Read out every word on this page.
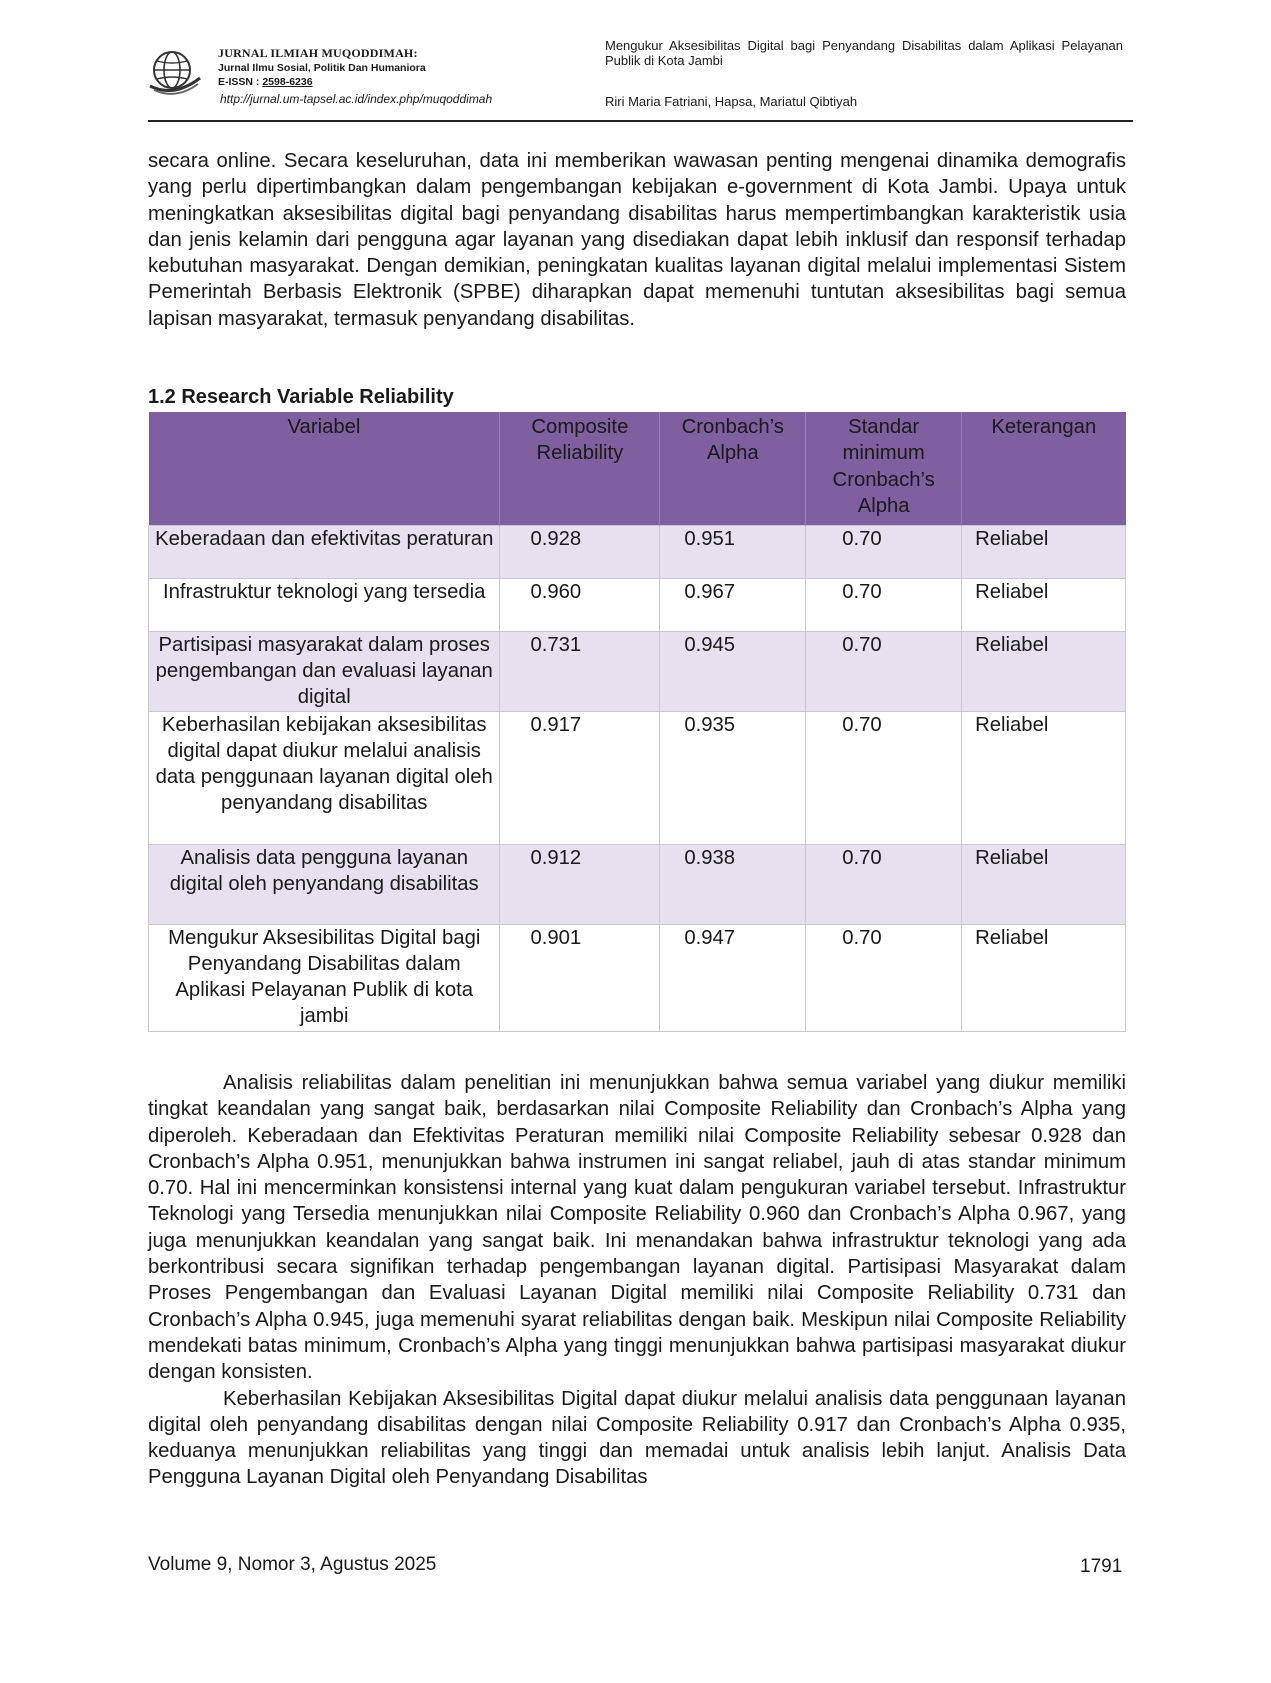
JURNAL ILMIAH MUQODDIMAH:
Jurnal Ilmu Sosial, Politik Dan Humaniora
E-ISSN : 2598-6236
http://jurnal.um-tapsel.ac.id/index.php/muqoddimah
Mengukur Aksesibilitas Digital bagi Penyandang Disabilitas dalam Aplikasi Pelayanan Publik di Kota Jambi
Riri Maria Fatriani, Hapsa, Mariatul Qibtiyah

secara online. Secara keseluruhan, data ini memberikan wawasan penting mengenai dinamika demografis yang perlu dipertimbangkan dalam pengembangan kebijakan e-government di Kota Jambi. Upaya untuk meningkatkan aksesibilitas digital bagi penyandang disabilitas harus mempertimbangkan karakteristik usia dan jenis kelamin dari pengguna agar layanan yang disediakan dapat lebih inklusif dan responsif terhadap kebutuhan masyarakat. Dengan demikian, peningkatan kualitas layanan digital melalui implementasi Sistem Pemerintah Berbasis Elektronik (SPBE) diharapkan dapat memenuhi tuntutan aksesibilitas bagi semua lapisan masyarakat, termasuk penyandang disabilitas.

1.2 Research Variable Reliability
Variabel	Composite Reliability	Cronbach’s Alpha	Standar minimum Cronbach’s Alpha	Keterangan
Keberadaan dan efektivitas peraturan	0.928	0.951	0.70	Reliabel
Infrastruktur teknologi yang tersedia	0.960	0.967	0.70	Reliabel
Partisipasi masyarakat dalam proses pengembangan dan evaluasi layanan digital	0.731	0.945	0.70	Reliabel
Keberhasilan kebijakan aksesibilitas digital dapat diukur melalui analisis data penggunaan layanan digital oleh penyandang disabilitas	0.917	0.935	0.70	Reliabel
Analisis data pengguna layanan digital oleh penyandang disabilitas	0.912	0.938	0.70	Reliabel
Mengukur Aksesibilitas Digital bagi Penyandang Disabilitas dalam Aplikasi Pelayanan Publik di kota jambi	0.901	0.947	0.70	Reliabel
Analisis reliabilitas dalam penelitian ini menunjukkan bahwa semua variabel yang diukur memiliki tingkat keandalan yang sangat baik, berdasarkan nilai Composite Reliability dan Cronbach’s Alpha yang diperoleh. Keberadaan dan Efektivitas Peraturan memiliki nilai Composite Reliability sebesar 0.928 dan Cronbach’s Alpha 0.951, menunjukkan bahwa instrumen ini sangat reliabel, jauh di atas standar minimum 0.70. Hal ini mencerminkan konsistensi internal yang kuat dalam pengukuran variabel tersebut. Infrastruktur Teknologi yang Tersedia menunjukkan nilai Composite Reliability 0.960 dan Cronbach’s Alpha 0.967, yang juga menunjukkan keandalan yang sangat baik. Ini menandakan bahwa infrastruktur teknologi yang ada berkontribusi secara signifikan terhadap pengembangan layanan digital. Partisipasi Masyarakat dalam Proses Pengembangan dan Evaluasi Layanan Digital memiliki nilai Composite Reliability 0.731 dan Cronbach’s Alpha 0.945, juga memenuhi syarat reliabilitas dengan baik. Meskipun nilai Composite Reliability mendekati batas minimum, Cronbach’s Alpha yang tinggi menunjukkan bahwa partisipasi masyarakat diukur dengan konsisten.
Keberhasilan Kebijakan Aksesibilitas Digital dapat diukur melalui analisis data penggunaan layanan digital oleh penyandang disabilitas dengan nilai Composite Reliability 0.917 dan Cronbach’s Alpha 0.935, keduanya menunjukkan reliabilitas yang tinggi dan memadai untuk analisis lebih lanjut. Analisis Data Pengguna Layanan Digital oleh Penyandang Disabilitas
Volume 9, Nomor 3, Agustus 2025	1791
